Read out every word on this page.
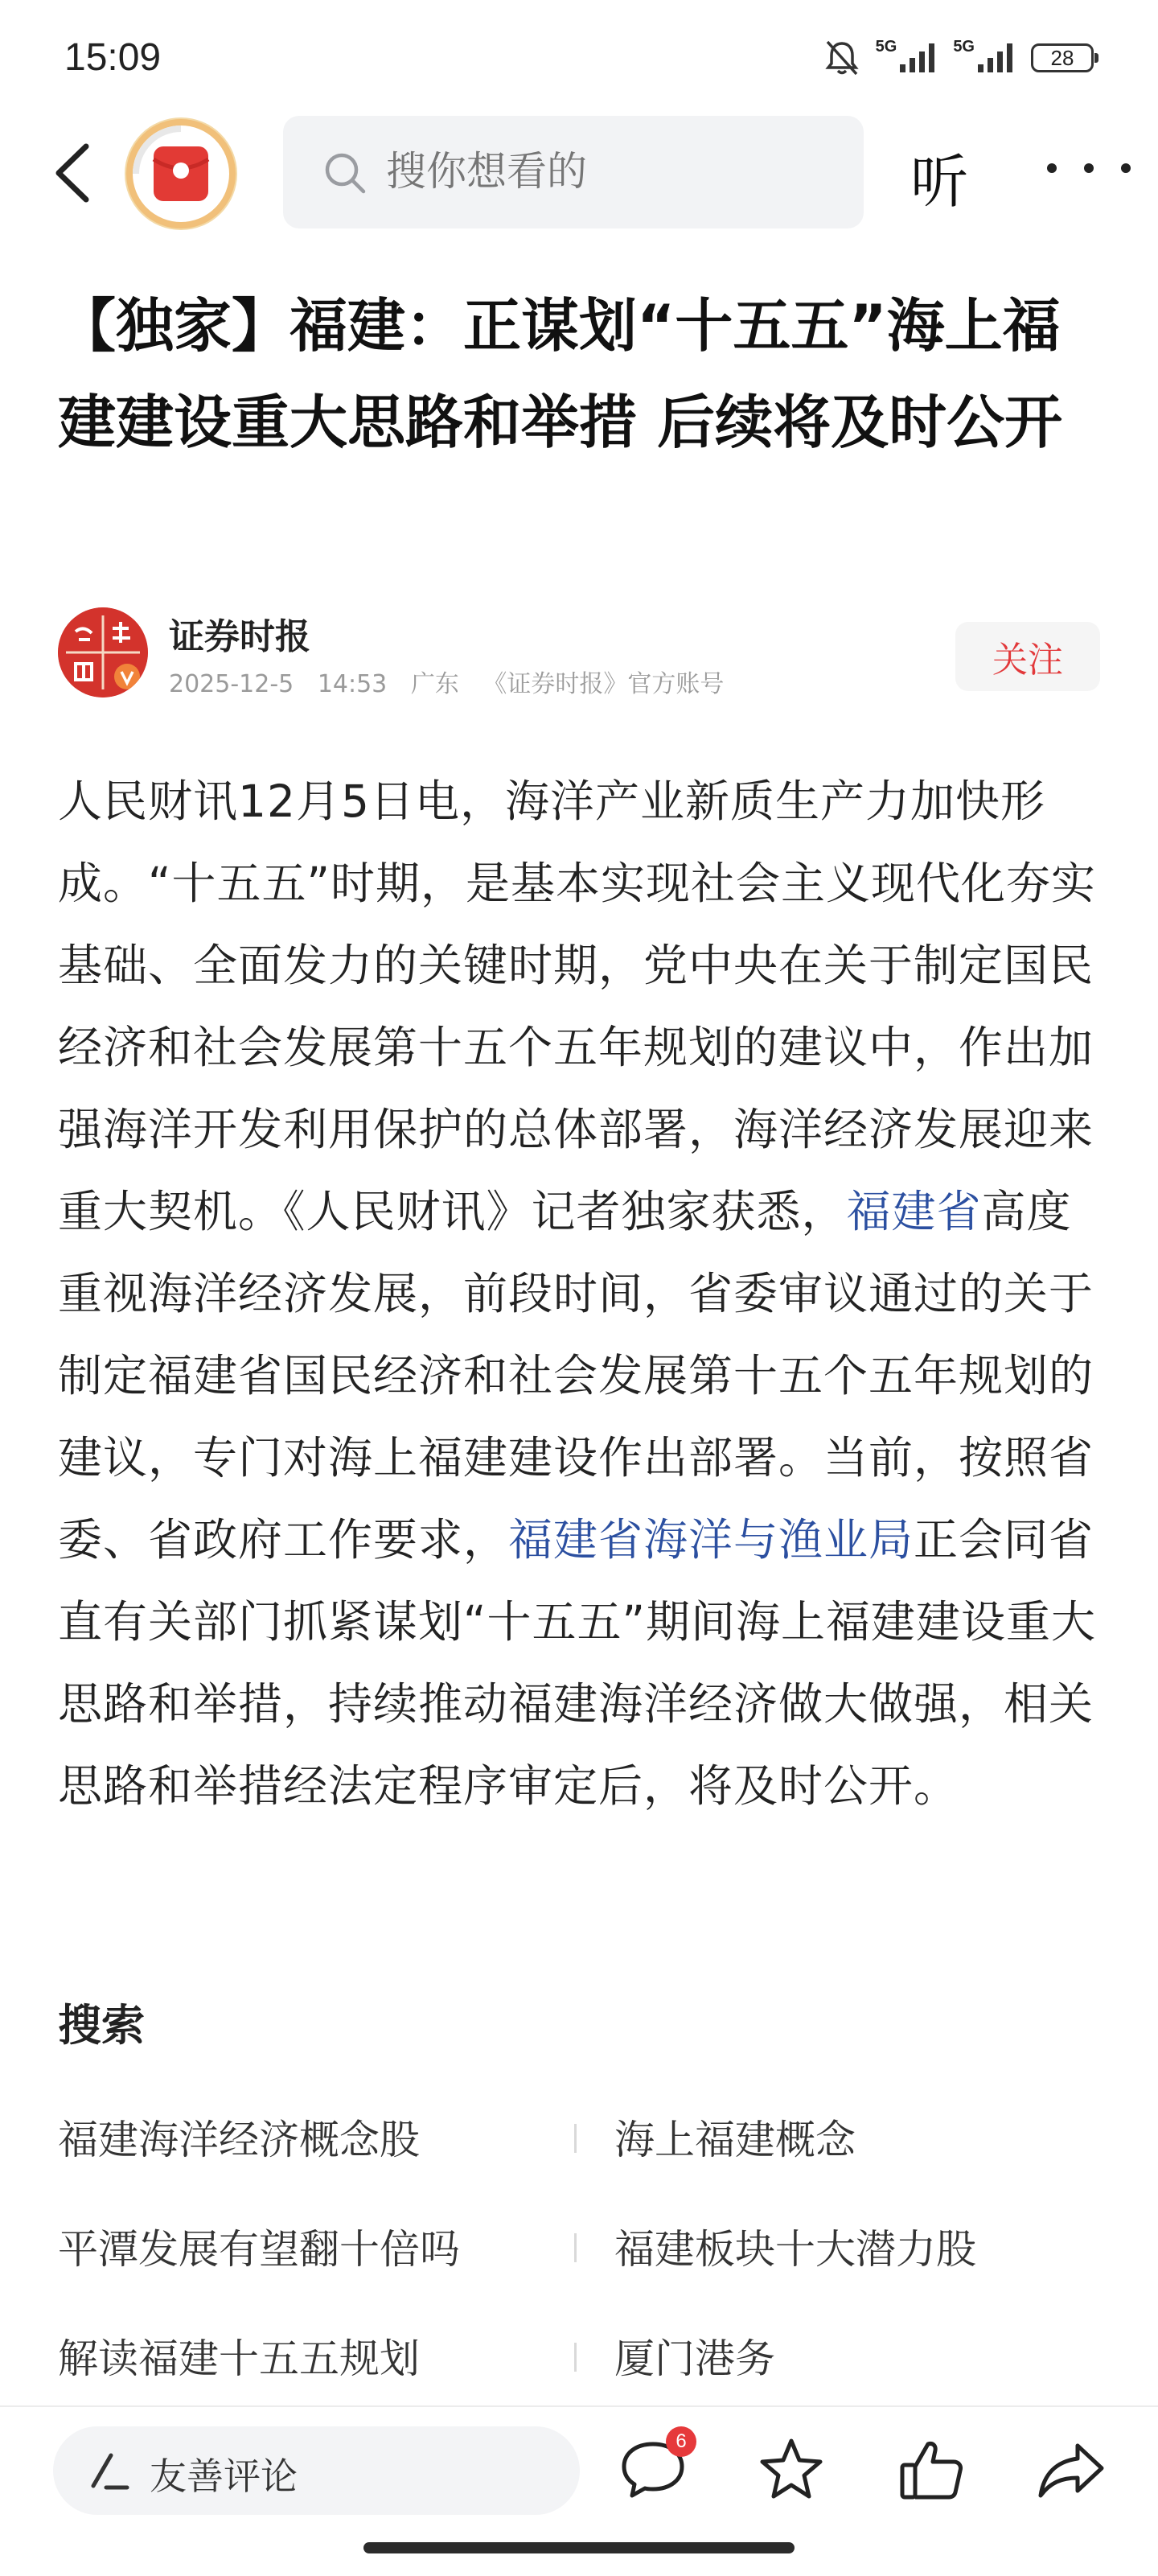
15:09	5G	5G	28
搜你想看的
听
【独家】福建：正谋划“十五五”海上福建建设重大思路和举措 后续将及时公开
证券时报
2025-12-5 14:53 广东 《证券时报》官方账号
关注

人民财讯12月5日电，海洋产业新质生产力加快形成。“十五五”时期，是基本实现社会主义现代化夯实基础、全面发力的关键时期，党中央在关于制定国民经济和社会发展第十五个五年规划的建议中，作出加强海洋开发利用保护的总体部署，海洋经济发展迎来重大契机。《人民财讯》记者独家获悉，福建省高度重视海洋经济发展，前段时间，省委审议通过的关于制定福建省国民经济和社会发展第十五个五年规划的建议，专门对海上福建建设作出部署。当前，按照省委、省政府工作要求，福建省海洋与渔业局正会同省直有关部门抓紧谋划“十五五”期间海上福建建设重大思路和举措，持续推动福建海洋经济做大做强，相关思路和举措经法定程序审定后，将及时公开。

搜索
福建海洋经济概念股	海上福建概念
平潭发展有望翻十倍吗	福建板块十大潜力股
解读福建十五五规划	厦门港务
友善评论
6
